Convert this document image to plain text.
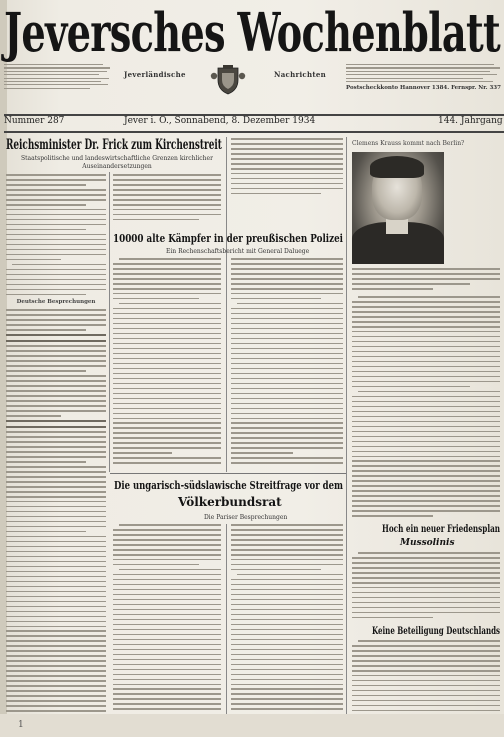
Jeversches Wochenblatt
Jeverländische	Nachrichten
Postscheckkonto Hannover 1384. Fernspr. Nr. 337
Nummer 287	Jever i. O., Sonnabend, 8. Dezember 1934	144. Jahrgang
Reichsminister Dr. Frick zum Kirchenstreit
Staatspolitische und landeswirtschaftliche Grenzen kirchlicher Auseinandersetzungen
Deutsche Besprechungen
10000 alte Kämpfer in der preußischen Polizei
Ein Rechenschaftsbericht mit General Daluege
Clemens Krauss kommt nach Berlin?
Hoch ein neuer Friedensplan
Mussolinis
Keine Beteiligung Deutschlands
Die ungarisch-südslawische Streitfrage vor dem
Völkerbundsrat
Die Pariser Besprechungen
1
